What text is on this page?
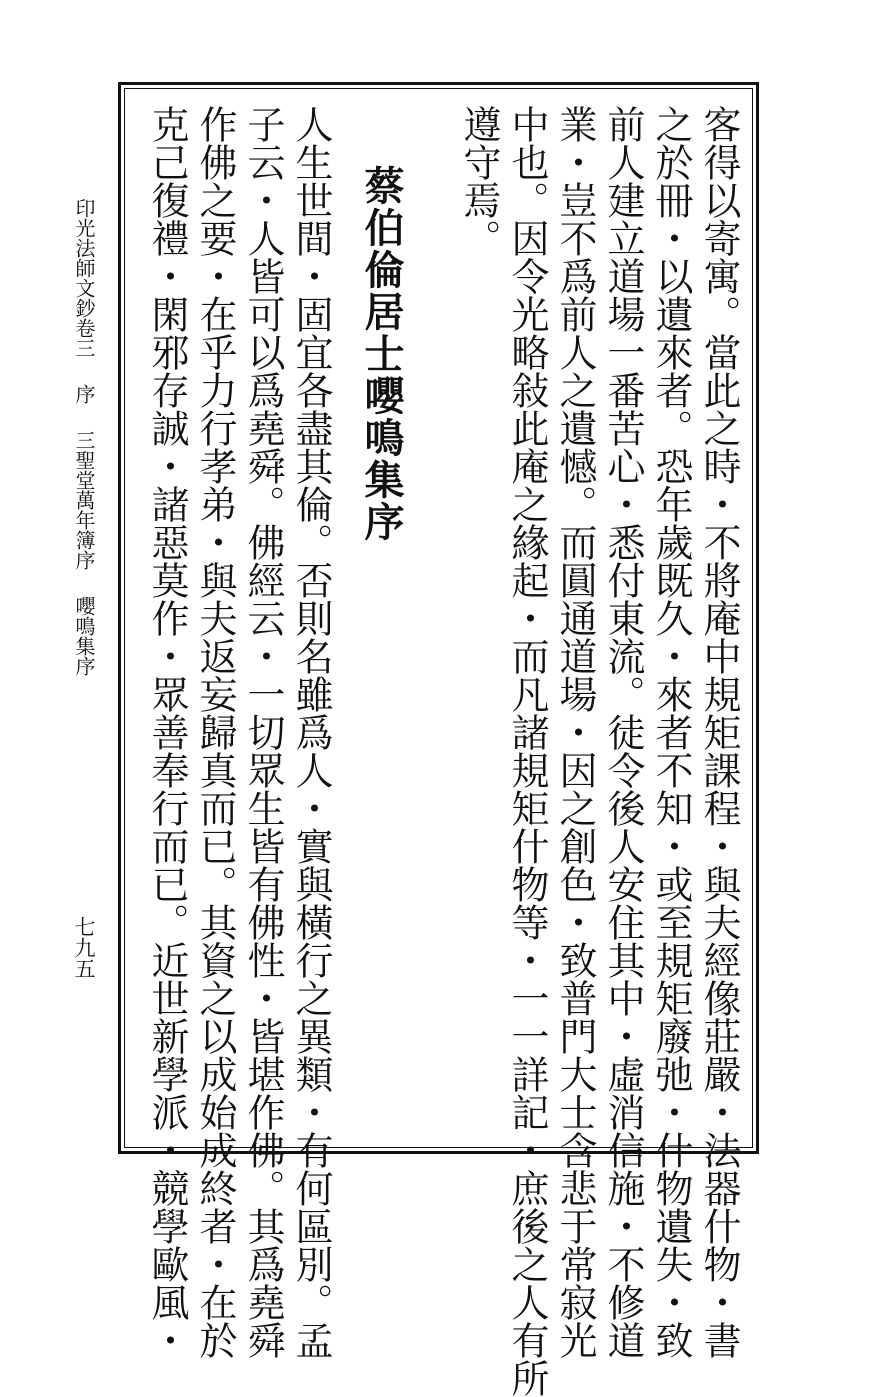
印光法師文鈔卷三序三聖堂萬年簿序嚶鳴集序
七九五	客得以寄寓。當此之時・不將庵中規矩課程・與夫經像莊嚴・法器什物・書
之於冊・以遺來者。恐年歲既久・來者不知・或至規矩廢弛・什物遺失・致
前人建立道場一番苦心・悉付東流。徒令後人安住其中・虛消信施・不修道
業・豈不爲前人之遺憾。而圓通道場・因之創色・致普門大士含悲于常寂光
中也。因令光略敍此庵之緣起・而凡諸規矩什物等・一一詳記・庶後之人有所
遵守焉。
蔡伯倫居士嚶鳴集序
人生世間・固宜各盡其倫。否則名雖爲人・實與橫行之異類・有何區別。孟
子云・人皆可以爲堯舜。佛經云・一切眾生皆有佛性・皆堪作佛。其爲堯舜
作佛之要・在乎力行孝弟・與夫返妄歸真而已。其資之以成始成終者・在於
克己復禮・閑邪存誠・諸惡莫作・眾善奉行而已。近世新學派・競學歐風・
